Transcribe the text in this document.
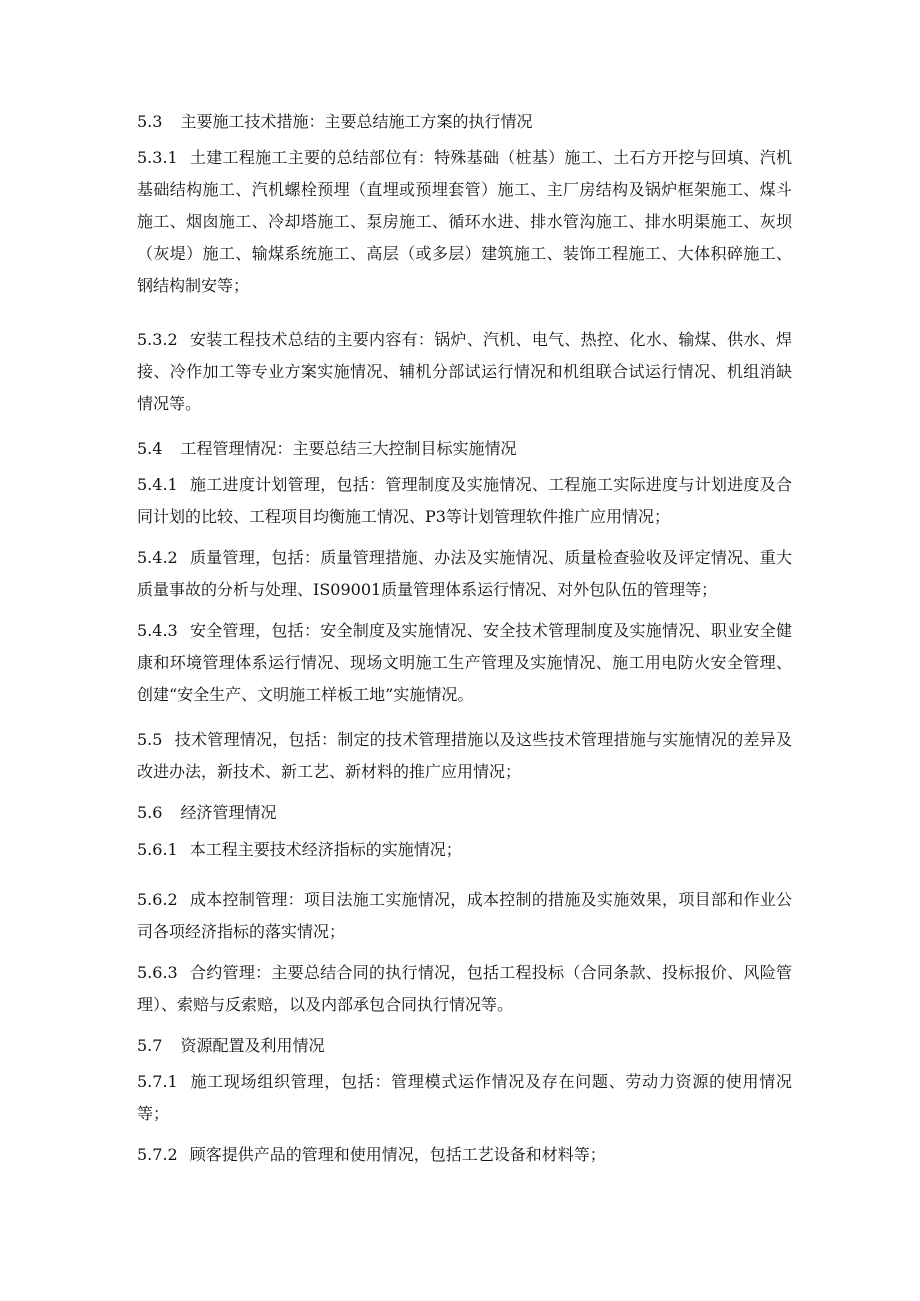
5.3 主要施工技术措施：主要总结施工方案的执行情况

5.3.1 土建工程施工主要的总结部位有：特殊基础（桩基）施工、土石方开挖与回填、汽机基础结构施工、汽机螺栓预埋（直埋或预埋套管）施工、主厂房结构及锅炉框架施工、煤斗施工、烟囱施工、冷却塔施工、泵房施工、循环水进、排水管沟施工、排水明渠施工、灰坝（灰堤）施工、输煤系统施工、高层（或多层）建筑施工、装饰工程施工、大体积碎施工、钢结构制安等；

5.3.2 安装工程技术总结的主要内容有：锅炉、汽机、电气、热控、化水、输煤、供水、焊接、冷作加工等专业方案实施情况、辅机分部试运行情况和机组联合试运行情况、机组消缺情况等。

5.4 工程管理情况：主要总结三大控制目标实施情况

5.4.1 施工进度计划管理，包括：管理制度及实施情况、工程施工实际进度与计划进度及合同计划的比较、工程项目均衡施工情况、P3等计划管理软件推广应用情况；

5.4.2 质量管理，包括：质量管理措施、办法及实施情况、质量检查验收及评定情况、重大质量事故的分析与处理、IS09001质量管理体系运行情况、对外包队伍的管理等；

5.4.3 安全管理，包括：安全制度及实施情况、安全技术管理制度及实施情况、职业安全健康和环境管理体系运行情况、现场文明施工生产管理及实施情况、施工用电防火安全管理、创建“安全生产、文明施工样板工地”实施情况。

5.5 技术管理情况，包括：制定的技术管理措施以及这些技术管理措施与实施情况的差异及改进办法，新技术、新工艺、新材料的推广应用情况；

5.6 经济管理情况

5.6.1 本工程主要技术经济指标的实施情况；

5.6.2 成本控制管理：项目法施工实施情况，成本控制的措施及实施效果，项目部和作业公司各项经济指标的落实情况；

5.6.3 合约管理：主要总结合同的执行情况，包括工程投标（合同条款、投标报价、风险管理）、索赔与反索赔，以及内部承包合同执行情况等。

5.7 资源配置及利用情况

5.7.1 施工现场组织管理，包括：管理模式运作情况及存在问题、劳动力资源的使用情况等；

5.7.2 顾客提供产品的管理和使用情况，包括工艺设备和材料等；
